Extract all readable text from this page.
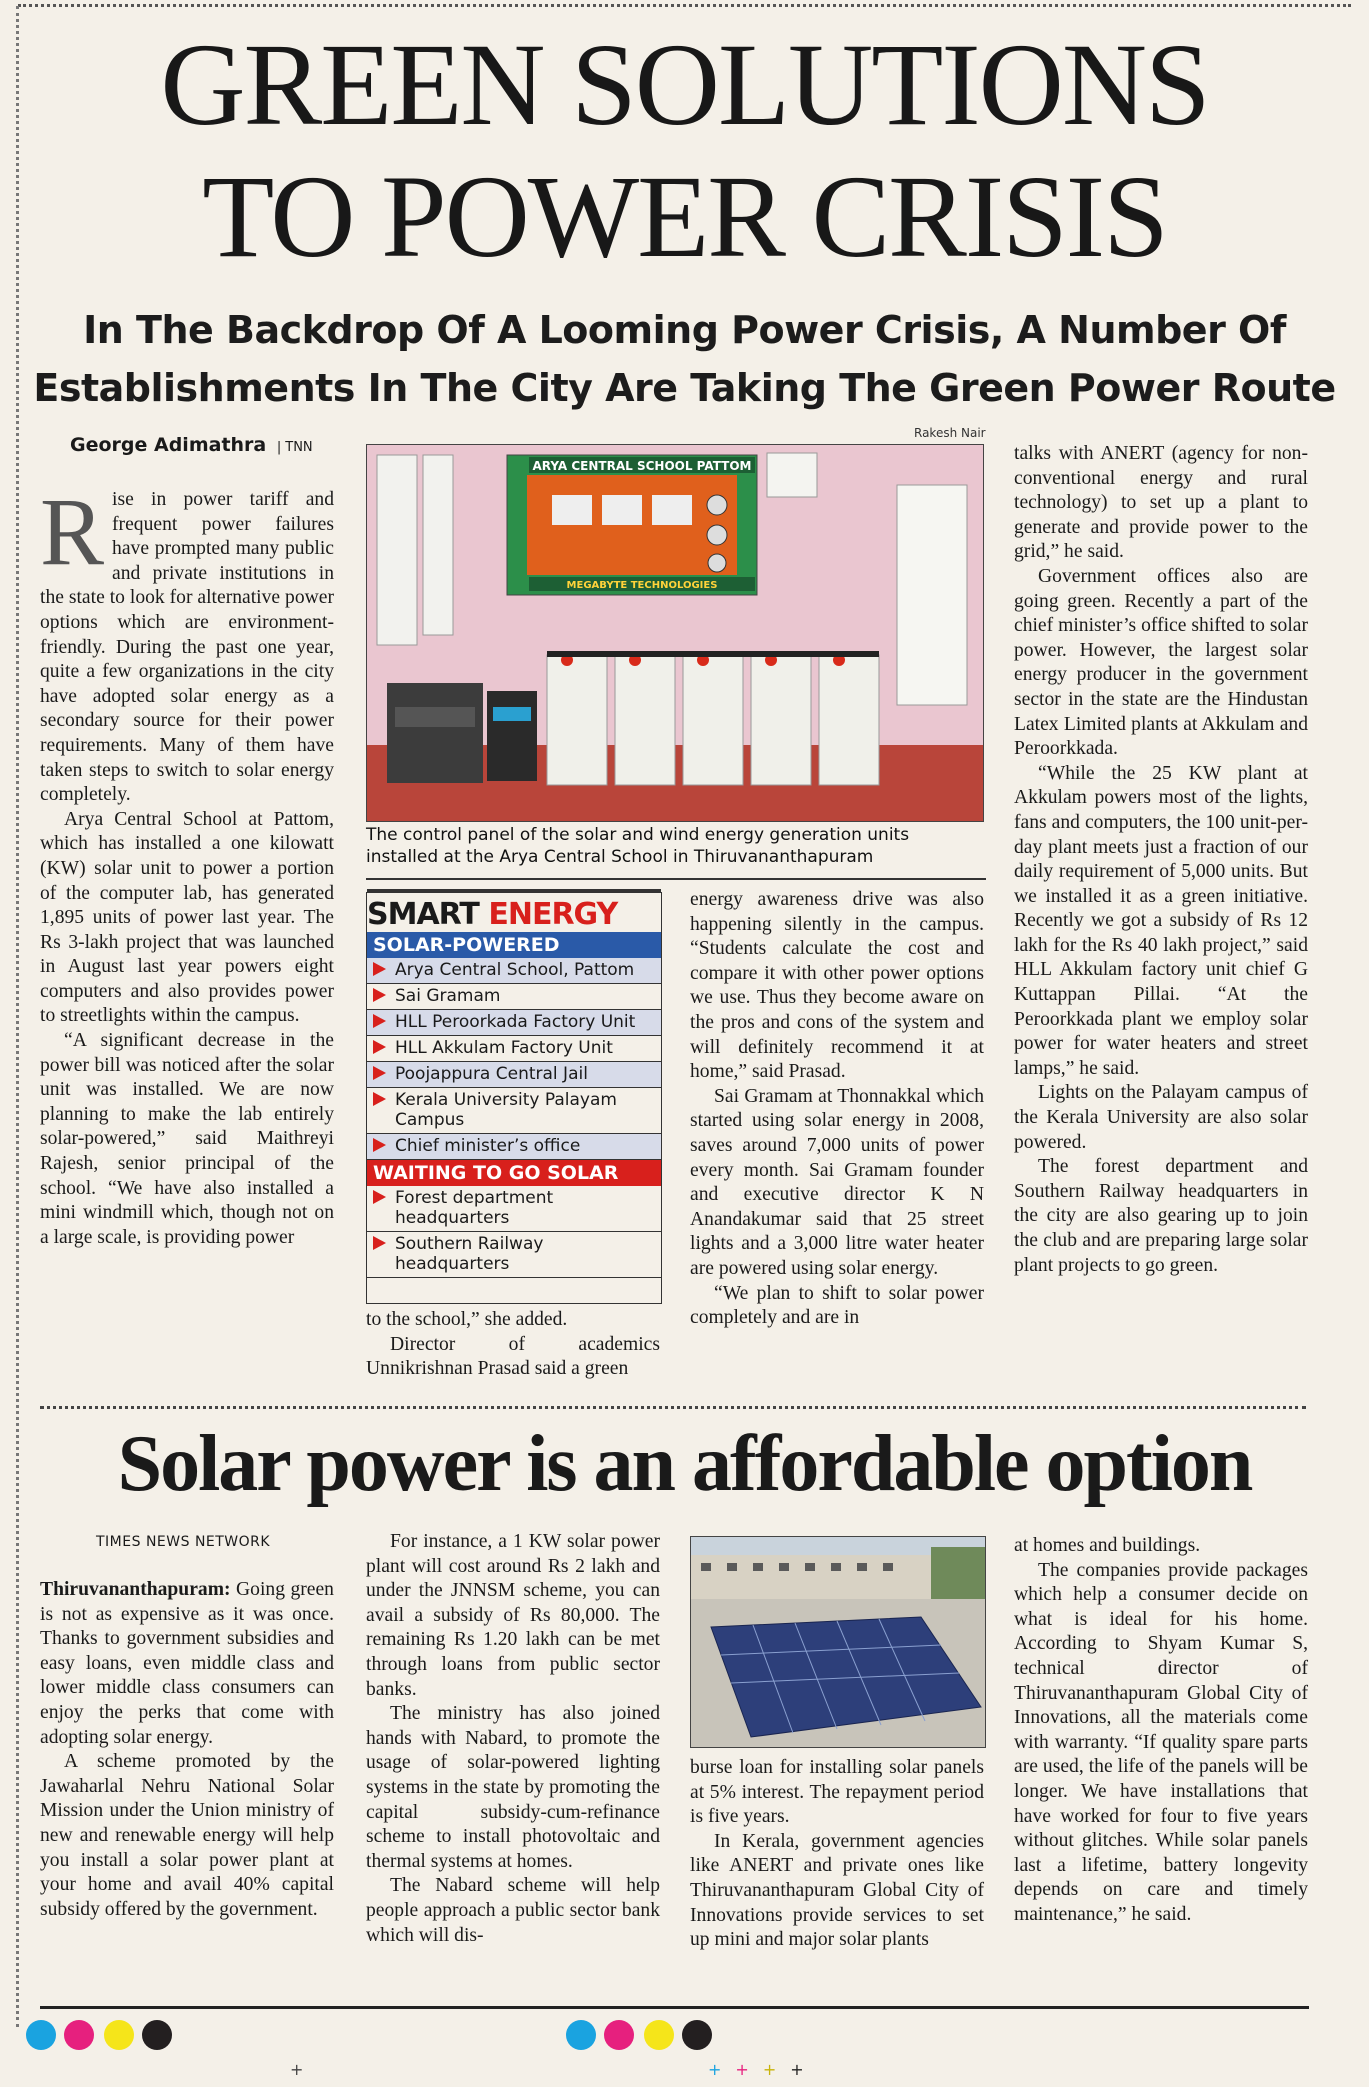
GREEN SOLUTIONS
TO POWER CRISIS
In The Backdrop Of A Looming Power Crisis, A Number Of
Establishments In The City Are Taking The Green Power Route
George Adimathra | TNN

Rise in power tariff and frequent power failures have prompted many public and private institutions in the state to look for alternative power options which are environment-friendly. During the past one year, quite a few organizations in the city have adopted solar energy as a secondary source for their power requirements. Many of them have taken steps to switch to solar energy completely.

Arya Central School at Pattom, which has installed a one kilowatt (KW) solar unit to power a portion of the computer lab, has generated 1,895 units of power last year. The Rs 3-lakh project that was launched in August last year powers eight computers and also provides power to streetlights within the campus.

“A significant decrease in the power bill was noticed after the solar unit was installed. We are now planning to make the lab entirely solar-powered,” said Maithreyi Rajesh, senior principal of the school. “We have also installed a mini windmill which, though not on a large scale, is providing power

Rakesh Nair
ARYA CENTRAL SCHOOL PATTOM
MEGABYTE TECHNOLOGIES
The control panel of the solar and wind energy generation units
installed at the Arya Central School in Thiruvananthapuram
SMART ENERGY
SOLAR-POWERED
Arya Central School, Pattom
Sai Gramam
HLL Peroorkada Factory Unit
HLL Akkulam Factory Unit
Poojappura Central Jail
Kerala University Palayam Campus
Chief minister’s office
WAITING TO GO SOLAR
Forest department headquarters
Southern Railway headquarters

to the school,” she added.

Director of academics Unnikrishnan Prasad said a green

energy awareness drive was also happening silently in the campus. “Students calculate the cost and compare it with other power options we use. Thus they become aware on the pros and cons of the system and will definitely recommend it at home,” said Prasad.

Sai Gramam at Thonnakkal which started using solar energy in 2008, saves around 7,000 units of power every month. Sai Gramam founder and executive director K N Anandakumar said that 25 street lights and a 3,000 litre water heater are powered using solar energy.

“We plan to shift to solar power completely and are in

talks with ANERT (agency for non-conventional energy and rural technology) to set up a plant to generate and provide power to the grid,” he said.

Government offices also are going green. Recently a part of the chief minister’s office shifted to solar power. However, the largest solar energy producer in the government sector in the state are the Hindustan Latex Limited plants at Akkulam and Peroorkkada.

“While the 25 KW plant at Akkulam powers most of the lights, fans and computers, the 100 unit-per-day plant meets just a fraction of our daily requirement of 5,000 units. But we installed it as a green initiative. Recently we got a subsidy of Rs 12 lakh for the Rs 40 lakh project,” said HLL Akkulam factory unit chief G Kuttappan Pillai. “At the Peroorkkada plant we employ solar power for water heaters and street lamps,” he said.

Lights on the Palayam campus of the Kerala University are also solar powered.

The forest department and Southern Railway headquarters in the city are also gearing up to join the club and are preparing large solar plant projects to go green.

Solar power is an affordable option
TIMES NEWS NETWORK

Thiruvananthapuram: Going green is not as expensive as it was once. Thanks to government subsidies and easy loans, even middle class and lower middle class consumers can enjoy the perks that come with adopting solar energy.

A scheme promoted by the Jawaharlal Nehru National Solar Mission under the Union ministry of new and renewable energy will help you install a solar power plant at your home and avail 40% capital subsidy offered by the government.

For instance, a 1 KW solar power plant will cost around Rs 2 lakh and under the JNNSM scheme, you can avail a subsidy of Rs 80,000. The remaining Rs 1.20 lakh can be met through loans from public sector banks.

The ministry has also joined hands with Nabard, to promote the usage of solar-powered lighting systems in the state by promoting the capital subsidy-cum-refinance scheme to install photovoltaic and thermal systems at homes.

The Nabard scheme will help people approach a public sector bank which will dis-

burse loan for installing solar panels at 5% interest. The repayment period is five years.

In Kerala, government agencies like ANERT and private ones like Thiruvananthapuram Global City of Innovations provide services to set up mini and major solar plants

at homes and buildings.

The companies provide packages which help a consumer decide on what is ideal for his home. According to Shyam Kumar S, technical director of Thiruvananthapuram Global City of Innovations, all the materials come with warranty. “If quality spare parts are used, the life of the panels will be longer. We have installations that have worked for four to five years without glitches. While solar panels last a lifetime, battery longevity depends on care and timely maintenance,” he said.

+	++++
